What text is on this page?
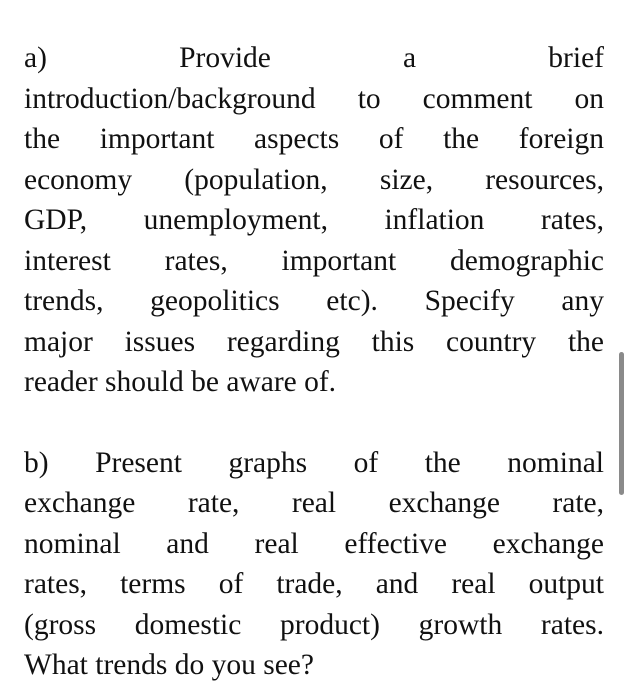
a) Provide a brief
introduction/background to comment on
the important aspects of the foreign
economy (population, size, resources,
GDP, unemployment, inflation rates,
interest rates, important demographic
trends, geopolitics etc). Specify any
major issues regarding this country the
reader should be aware of.
b) Present graphs of the nominal
exchange rate, real exchange rate,
nominal and real effective exchange
rates, terms of trade, and real output
(gross domestic product) growth rates.
What trends do you see?
